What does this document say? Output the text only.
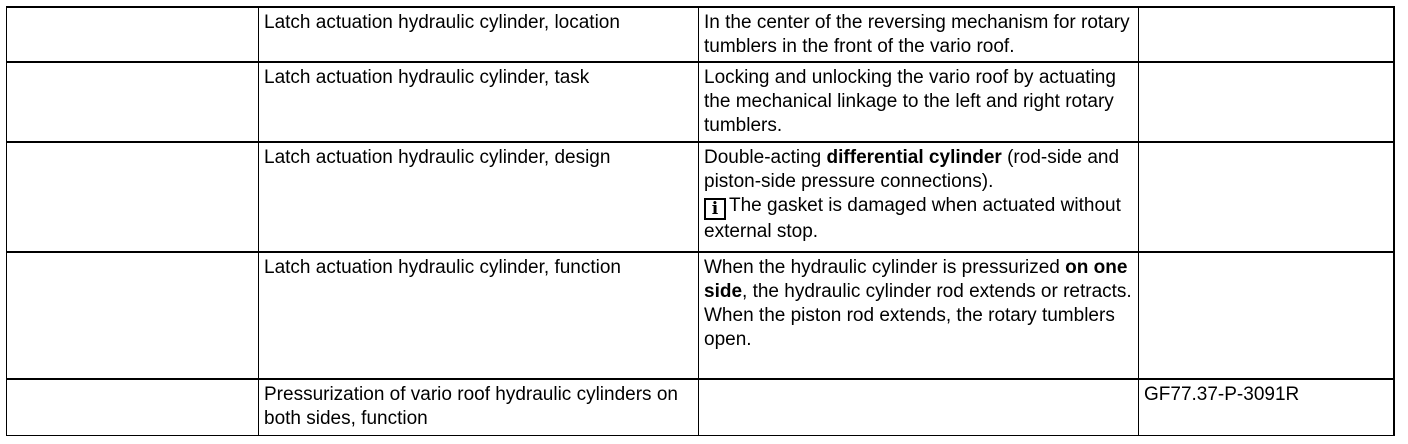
	Latch actuation hydraulic cylinder, location	In the center of the reversing mechanism for rotary tumblers in the front of the vario roof.	
	Latch actuation hydraulic cylinder, task	Locking and unlocking the vario roof by actuating the mechanical linkage to the left and right rotary tumblers.	
	Latch actuation hydraulic cylinder, design	Double-acting differential cylinder (rod-side and piston-side pressure connections).
i The gasket is damaged when actuated without external stop.	

	Latch actuation hydraulic cylinder, function	When the hydraulic cylinder is pressurized on one side, the hydraulic cylinder rod extends or retracts.
When the piston rod extends, the rotary tumblers open.	

	Pressurization of vario roof hydraulic cylinders on both sides, function		GF77.37-P-3091R
